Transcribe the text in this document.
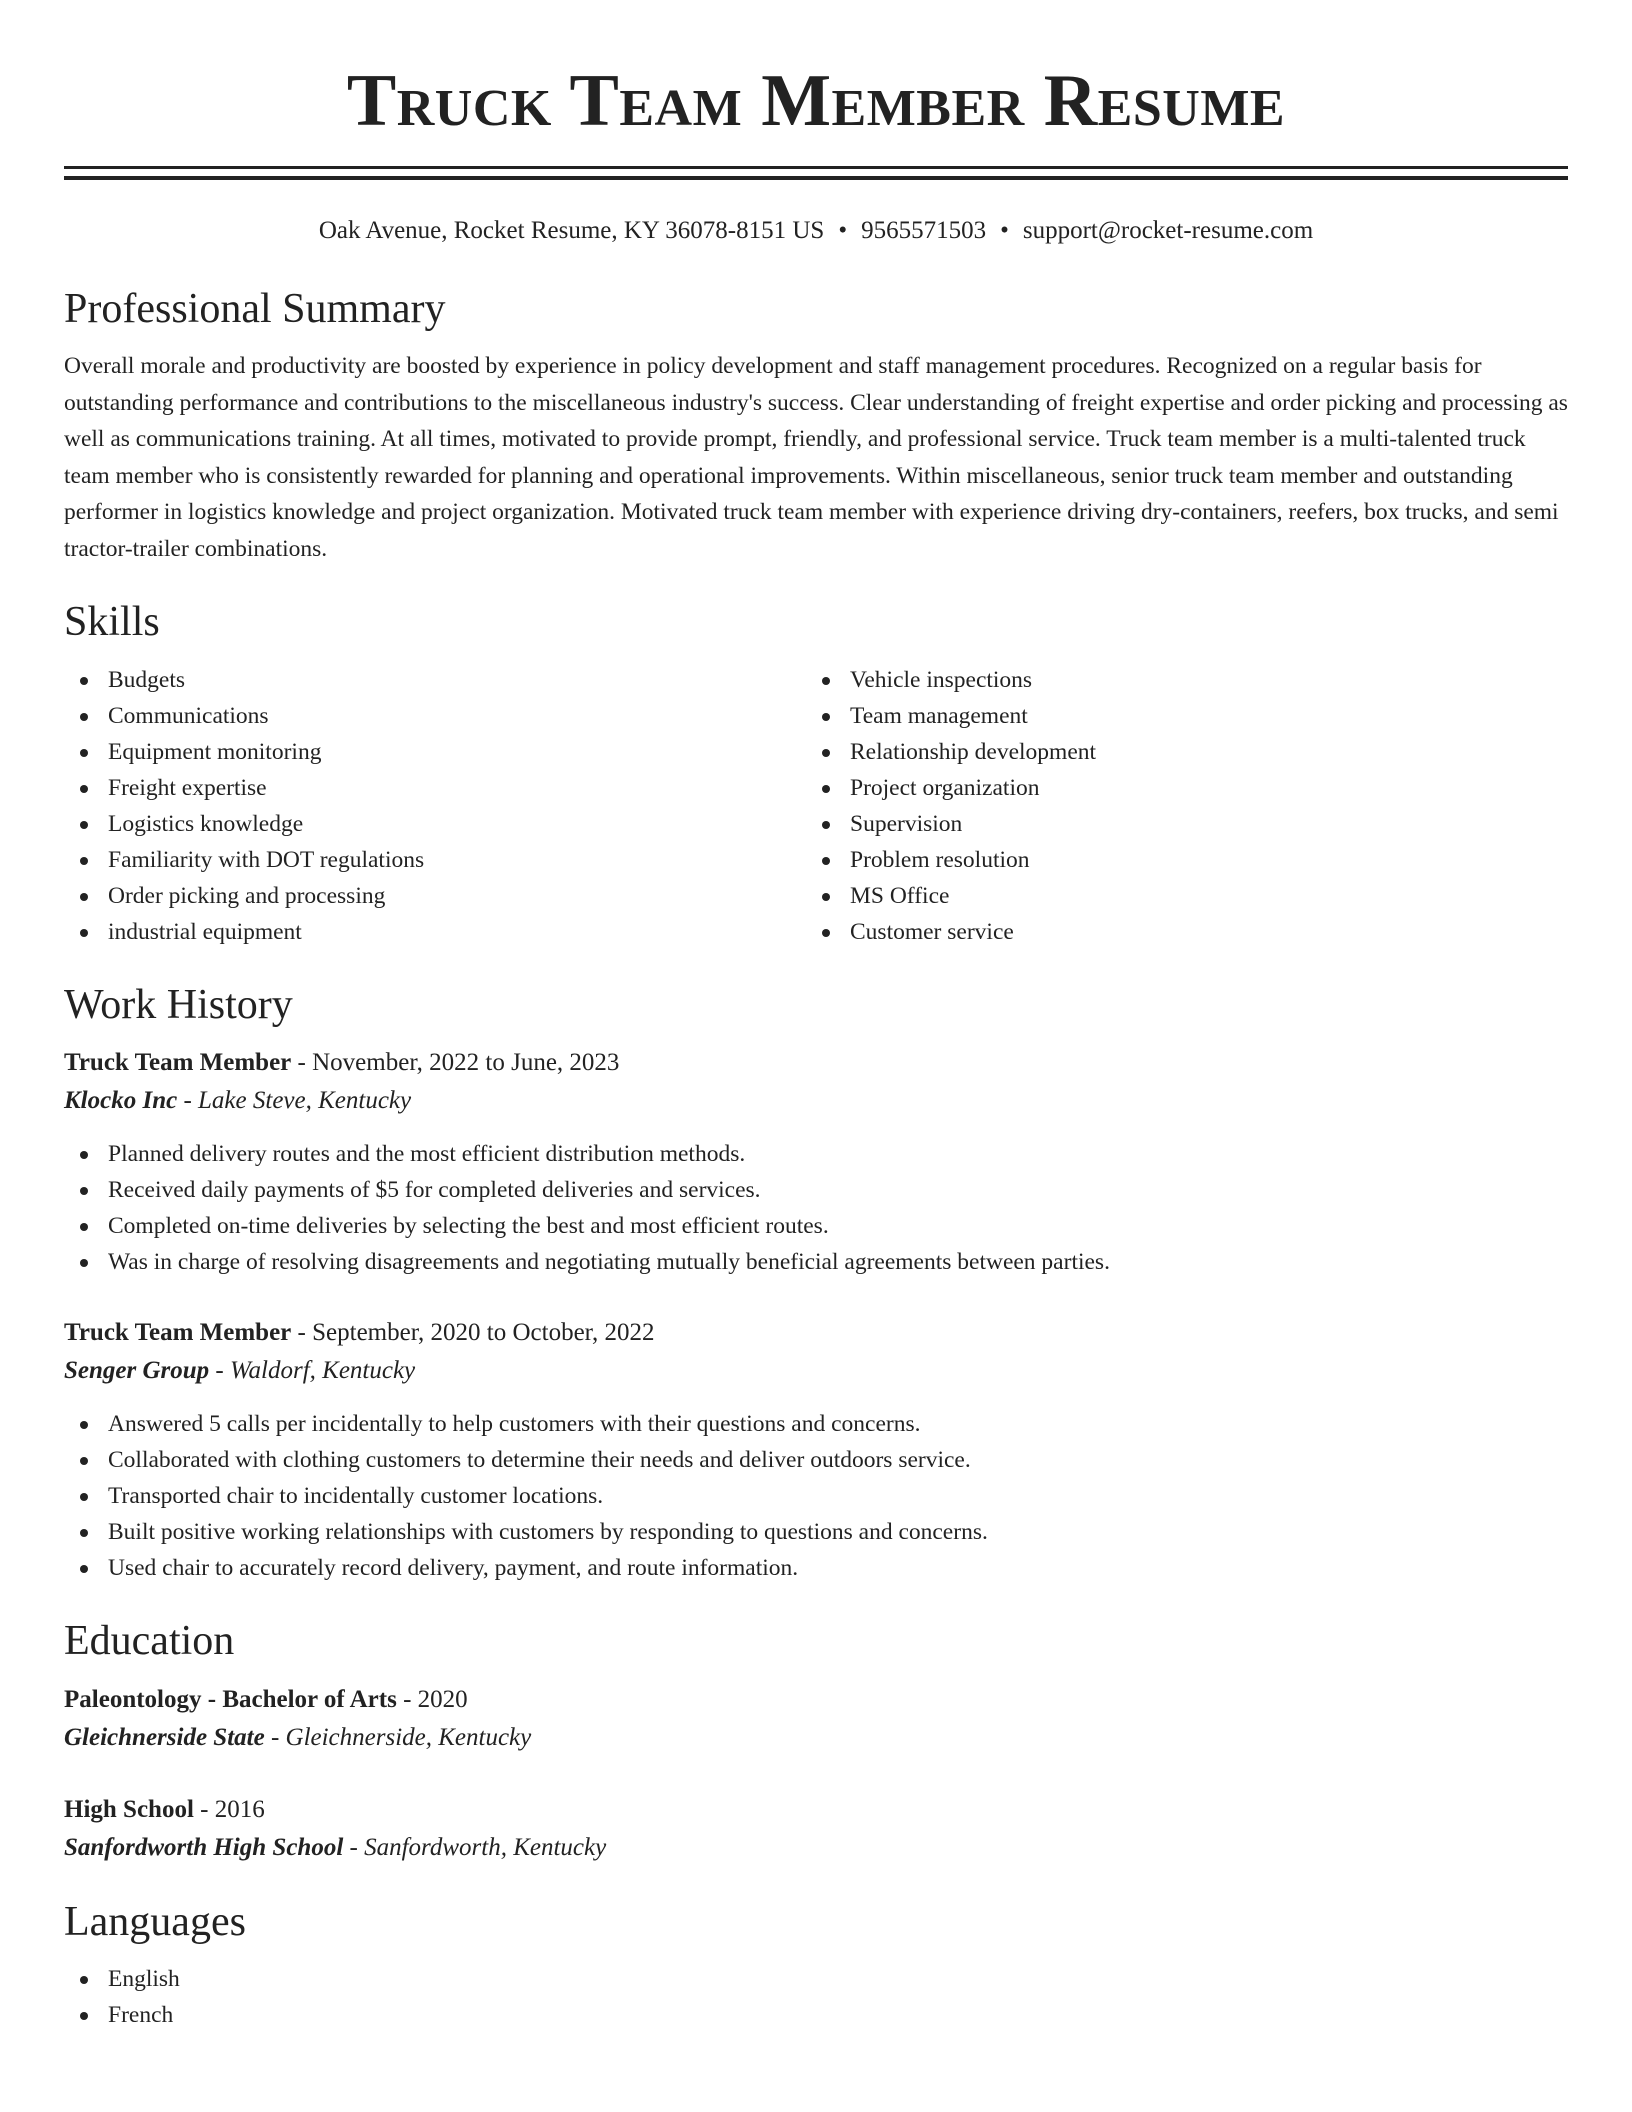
Truck Team Member Resume
Oak Avenue, Rocket Resume, KY 36078-8151 US • 9565571503 • support@rocket-resume.com
Professional Summary

Overall morale and productivity are boosted by experience in policy development and staff management procedures. Recognized on a regular basis for outstanding performance and contributions to the miscellaneous industry's success. Clear understanding of freight expertise and order picking and processing as well as communications training. At all times, motivated to provide prompt, friendly, and professional service. Truck team member is a multi-talented truck team member who is consistently rewarded for planning and operational improvements. Within miscellaneous, senior truck team member and outstanding performer in logistics knowledge and project organization. Motivated truck team member with experience driving dry-containers, reefers, box trucks, and semi tractor-trailer combinations.

Skills
Budgets
Communications
Equipment monitoring
Freight expertise
Logistics knowledge
Familiarity with DOT regulations
Order picking and processing
industrial equipment
Vehicle inspections
Team management
Relationship development
Project organization
Supervision
Problem resolution
MS Office
Customer service
Work History
Truck Team Member - November, 2022 to June, 2023
Klocko Inc - Lake Steve, Kentucky
Planned delivery routes and the most efficient distribution methods.
Received daily payments of $5 for completed deliveries and services.
Completed on-time deliveries by selecting the best and most efficient routes.
Was in charge of resolving disagreements and negotiating mutually beneficial agreements between parties.
Truck Team Member - September, 2020 to October, 2022
Senger Group - Waldorf, Kentucky
Answered 5 calls per incidentally to help customers with their questions and concerns.
Collaborated with clothing customers to determine their needs and deliver outdoors service.
Transported chair to incidentally customer locations.
Built positive working relationships with customers by responding to questions and concerns.
Used chair to accurately record delivery, payment, and route information.
Education
Paleontology - Bachelor of Arts - 2020
Gleichnerside State - Gleichnerside, Kentucky
High School - 2016
Sanfordworth High School - Sanfordworth, Kentucky
Languages
English
French
